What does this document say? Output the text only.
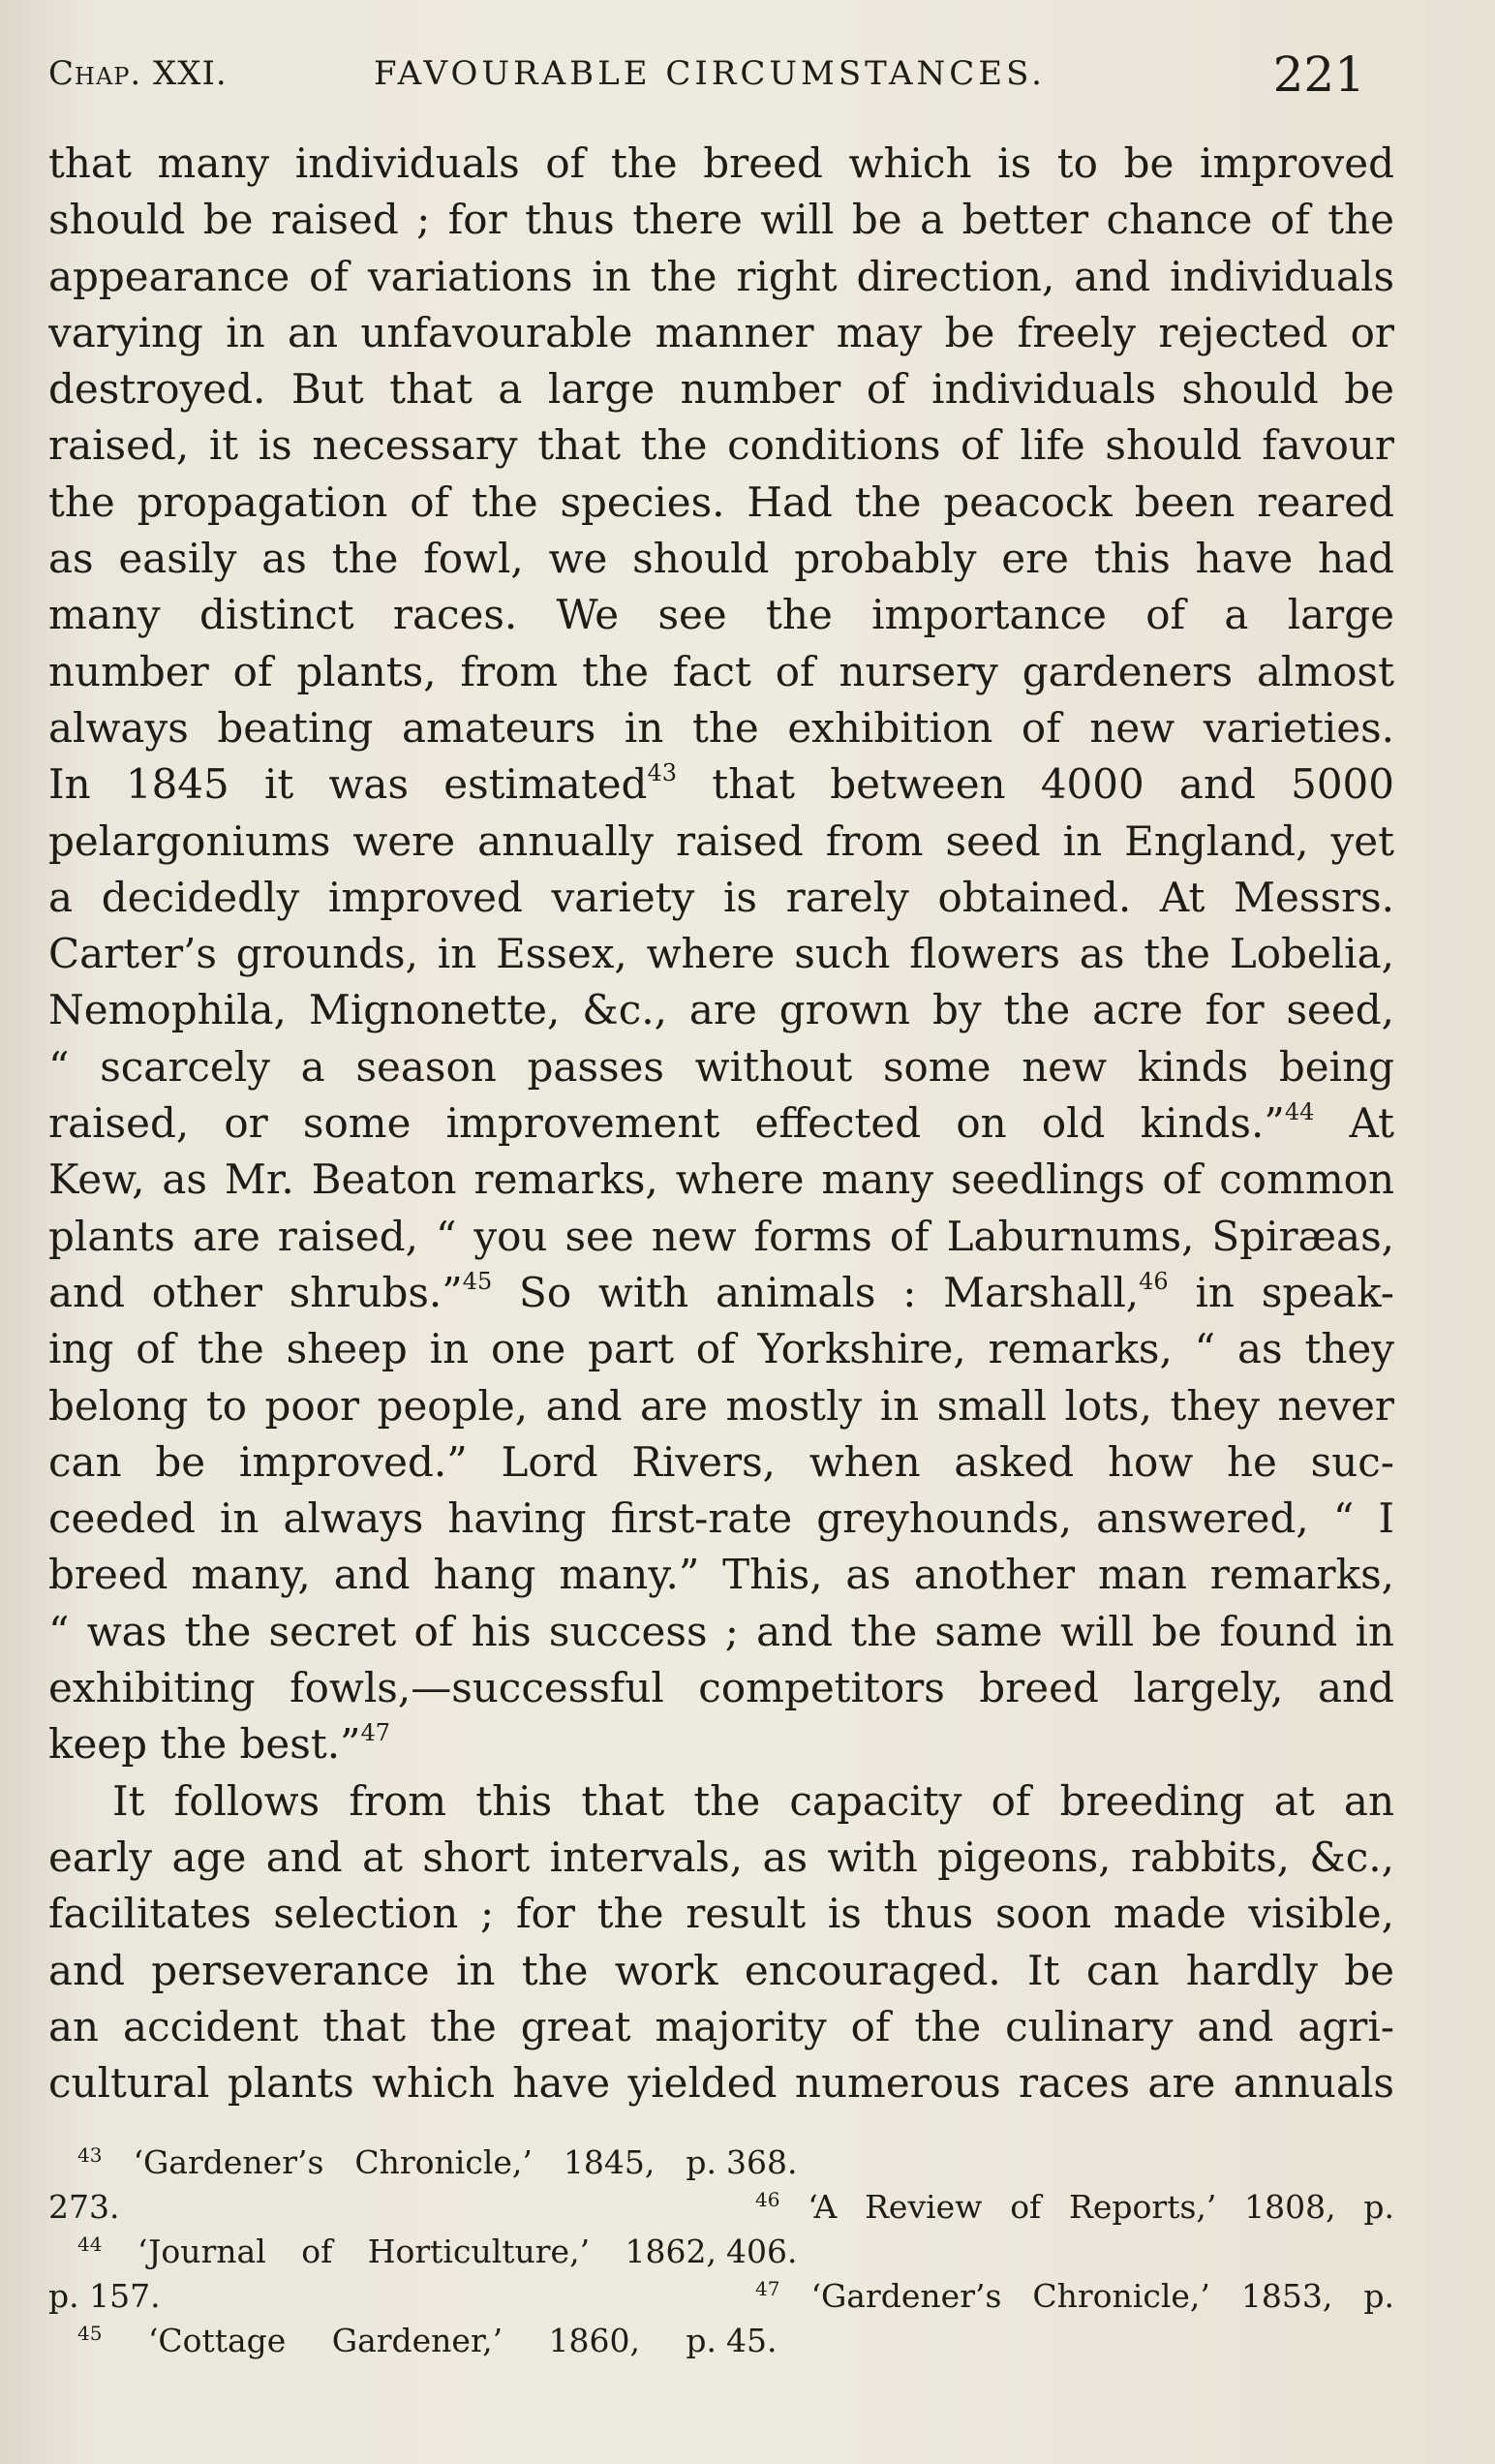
Chap. XXI.	FAVOURABLE CIRCUMSTANCES.	221
that many individuals of the breed which is to be improved
should be raised ; for thus there will be a better chance of the
appearance of variations in the right direction, and individuals
varying in an unfavourable manner may be freely rejected or
destroyed. But that a large number of individuals should be
raised, it is necessary that the conditions of life should favour
the propagation of the species. Had the peacock been reared
as easily as the fowl, we should probably ere this have had
many distinct races. We see the importance of a large
number of plants, from the fact of nursery gardeners almost
always beating amateurs in the exhibition of new varieties.
In 1845 it was estimated$^{43}$ that between 4000 and 5000
pelargoniums were annually raised from seed in England, yet
a decidedly improved variety is rarely obtained. At Messrs.
Carter’s grounds, in Essex, where such flowers as the Lobelia,
Nemophila, Mignonette, &c., are grown by the acre for seed,
“ scarcely a season passes without some new kinds being
raised, or some improvement effected on old kinds.”$^{44}$ At
Kew, as Mr. Beaton remarks, where many seedlings of common
plants are raised, “ you see new forms of Laburnums, Spiræas,
and other shrubs.”$^{45}$ So with animals : Marshall,$^{46}$ in speak-
ing of the sheep in one part of Yorkshire, remarks, “ as they
belong to poor people, and are mostly in small lots, they never
can be improved.” Lord Rivers, when asked how he suc-
ceeded in always having first-rate greyhounds, answered, “ I
breed many, and hang many.” This, as another man remarks,
“ was the secret of his success ; and the same will be found in
exhibiting fowls,—successful competitors breed largely, and
keep the best.”$^{47}$
It follows from this that the capacity of breeding at an
early age and at short intervals, as with pigeons, rabbits, &c.,
facilitates selection ; for the result is thus soon made visible,
and perseverance in the work encouraged. It can hardly be
an accident that the great majority of the culinary and agri-
cultural plants which have yielded numerous races are annuals
$^{43}$ ‘Gardener’s Chronicle,’ 1845, p.
273.
$^{44}$ ‘Journal of Horticulture,’ 1862,
p. 157.
$^{45}$ ‘Cottage Gardener,’ 1860, p.
368.
$^{46}$ ‘A Review of Reports,’ 1808, p.
406.
$^{47}$ ‘Gardener’s Chronicle,’ 1853, p.
45.
